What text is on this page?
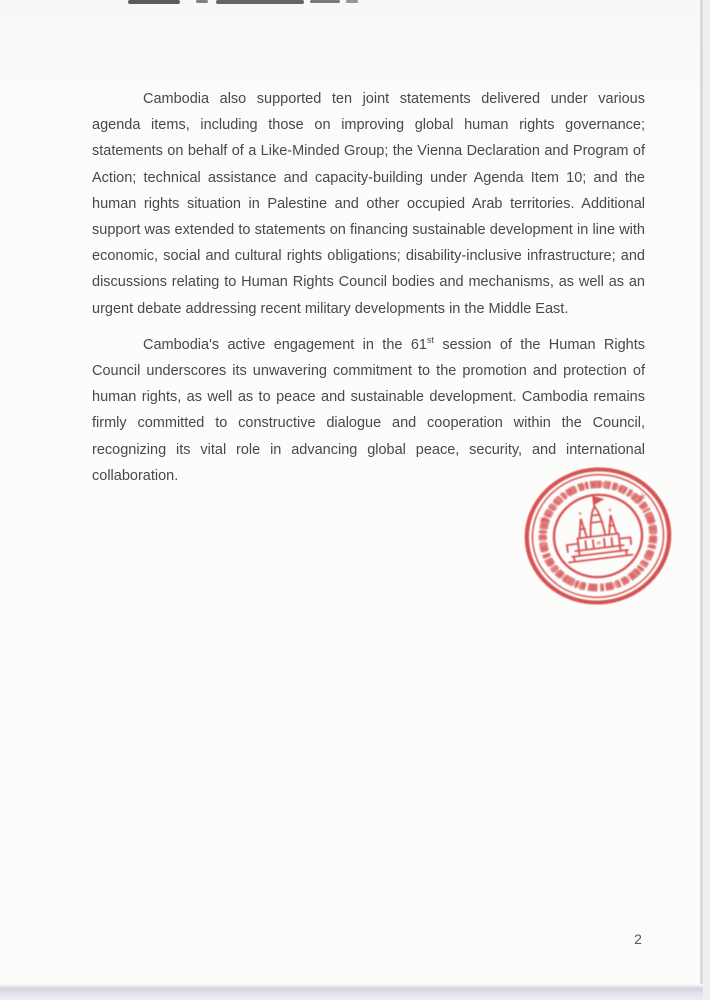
Cambodia also supported ten joint statements delivered under various agenda items, including those on improving global human rights governance; statements on behalf of a Like-Minded Group; the Vienna Declaration and Program of Action; technical assistance and capacity-building under Agenda Item 10; and the human rights situation in Palestine and other occupied Arab territories. Additional support was extended to statements on financing sustainable development in line with economic, social and cultural rights obligations; disability-inclusive infrastructure; and discussions relating to Human Rights Council bodies and mechanisms, as well as an urgent debate addressing recent military developments in the Middle East.

Cambodia's active engagement in the 61st session of the Human Rights Council underscores its unwavering commitment to the promotion and protection of human rights, as well as to peace and sustainable development. Cambodia remains firmly committed to constructive dialogue and cooperation within the Council, recognizing its vital role in advancing global peace, security, and international collaboration.

*
*
2
